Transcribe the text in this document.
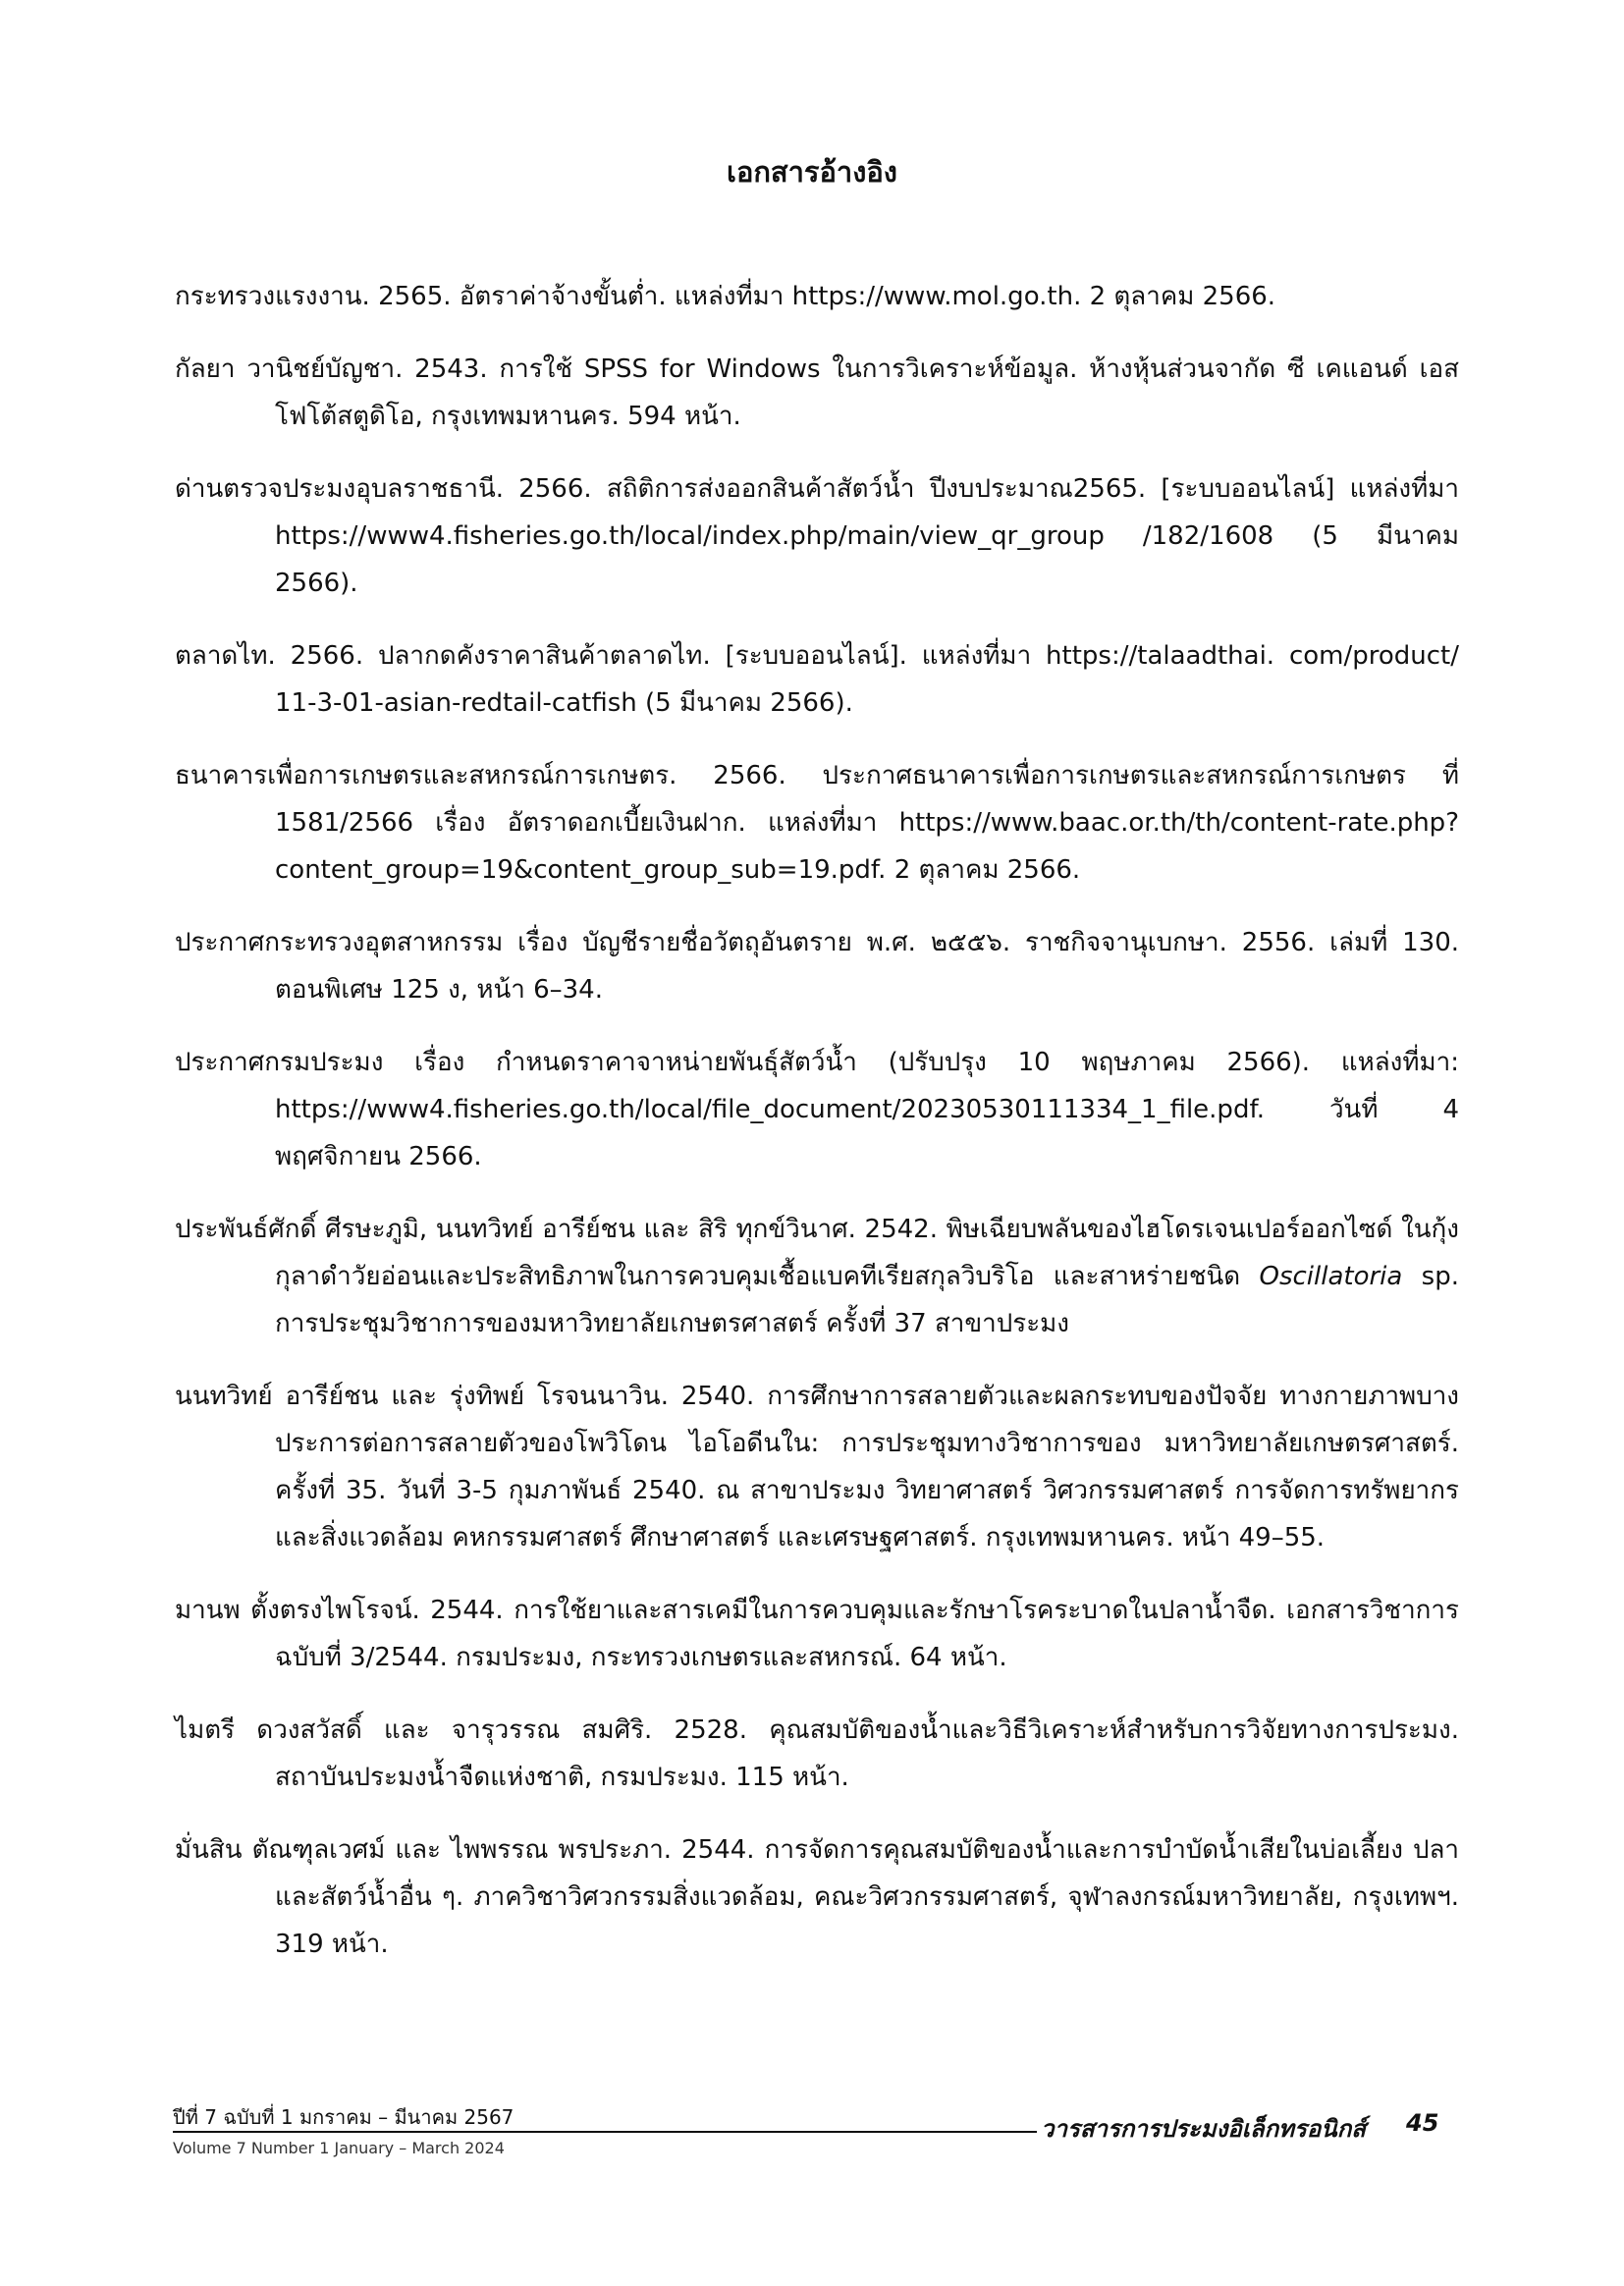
เอกสารอ้างอิง

กระทรวงแรงงาน. 2565. อัตราค่าจ้างขั้นต่ำ. แหล่งที่มา https://www.mol.go.th. 2 ตุลาคม 2566.

กัลยา วานิชย์บัญชา. 2543. การใช้ SPSS for Windows ในการวิเคราะห์ข้อมูล. ห้างหุ้นส่วนจากัด ซี เคแอนด์ เอส โฟโต้สตูดิโอ, กรุงเทพมหานคร. 594 หน้า.

ด่านตรวจประมงอุบลราชธานี. 2566. สถิติการส่งออกสินค้าสัตว์น้ำ ปีงบประมาณ2565. [ระบบออนไลน์] แหล่งที่มา https://www4.fisheries.go.th/local/index.php/main/view_qr_group /182/1608 (5 มีนาคม 2566).

ตลาดไท. 2566. ปลากดคังราคาสินค้าตลาดไท. [ระบบออนไลน์]. แหล่งที่มา https://talaadthai. com/product/ 11-3-01-asian-redtail-catfish (5 มีนาคม 2566).

ธนาคารเพื่อการเกษตรและสหกรณ์การเกษตร. 2566. ประกาศธนาคารเพื่อการเกษตรและสหกรณ์การเกษตร ที่ 1581/2566 เรื่อง อัตราดอกเบี้ยเงินฝาก. แหล่งที่มา https://www.baac.or.th/th/content-rate.php?content_group=19&content_group_sub=19.pdf. 2 ตุลาคม 2566.

ประกาศกระทรวงอุตสาหกรรม เรื่อง บัญชีรายชื่อวัตถุอันตราย พ.ศ. ๒๕๕๖. ราชกิจจานุเบกษา. 2556. เล่มที่ 130. ตอนพิเศษ 125 ง, หน้า 6–34.

ประกาศกรมประมง เรื่อง กำหนดราคาจาหน่ายพันธุ์สัตว์น้ำ (ปรับปรุง 10 พฤษภาคม 2566). แหล่งที่มา: https://www4.fisheries.go.th/local/file_document/20230530111334_1_file.pdf. วันที่ 4 พฤศจิกายน 2566.

ประพันธ์ศักดิ์ ศีรษะภูมิ, นนทวิทย์ อารีย์ชน และ สิริ ทุกข์วินาศ. 2542. พิษเฉียบพลันของไฮโดรเจนเปอร์ออกไซด์ ในกุ้งกุลาดำวัยอ่อนและประสิทธิภาพในการควบคุมเชื้อแบคทีเรียสกุลวิบริโอ และสาหร่ายชนิด Oscillatoria sp. การประชุมวิชาการของมหาวิทยาลัยเกษตรศาสตร์ ครั้งที่ 37 สาขาประมง

นนทวิทย์ อารีย์ชน และ รุ่งทิพย์ โรจนนาวิน. 2540. การศึกษาการสลายตัวและผลกระทบของปัจจัย ทางกายภาพบางประการต่อการสลายตัวของโพวิโดน ไอโอดีนใน: การประชุมทางวิชาการของ มหาวิทยาลัยเกษตรศาสตร์. ครั้งที่ 35. วันที่ 3-5 กุมภาพันธ์ 2540. ณ สาขาประมง วิทยาศาสตร์ วิศวกรรมศาสตร์ การจัดการทรัพยากรและสิ่งแวดล้อม คหกรรมศาสตร์ ศึกษาศาสตร์ และเศรษฐศาสตร์. กรุงเทพมหานคร. หน้า 49–55.

มานพ ตั้งตรงไพโรจน์. 2544. การใช้ยาและสารเคมีในการควบคุมและรักษาโรคระบาดในปลาน้ำจืด. เอกสารวิชาการฉบับที่ 3/2544. กรมประมง, กระทรวงเกษตรและสหกรณ์. 64 หน้า.

ไมตรี ดวงสวัสดิ์ และ จารุวรรณ สมศิริ. 2528. คุณสมบัติของน้ำและวิธีวิเคราะห์สำหรับการวิจัยทางการประมง. สถาบันประมงน้ำจืดแห่งชาติ, กรมประมง. 115 หน้า.

มั่นสิน ตัณฑุลเวศม์ และ ไพพรรณ พรประภา. 2544. การจัดการคุณสมบัติของน้ำและการบำบัดน้ำเสียในบ่อเลี้ยง ปลาและสัตว์น้ำอื่น ๆ. ภาควิชาวิศวกรรมสิ่งแวดล้อม, คณะวิศวกรรมศาสตร์, จุฬาลงกรณ์มหาวิทยาลัย, กรุงเทพฯ. 319 หน้า.

ปีที่ 7 ฉบับที่ 1 มกราคม – มีนาคม 2567
Volume 7 Number 1 January – March 2024
วารสารการประมงอิเล็กทรอนิกส์ 45
